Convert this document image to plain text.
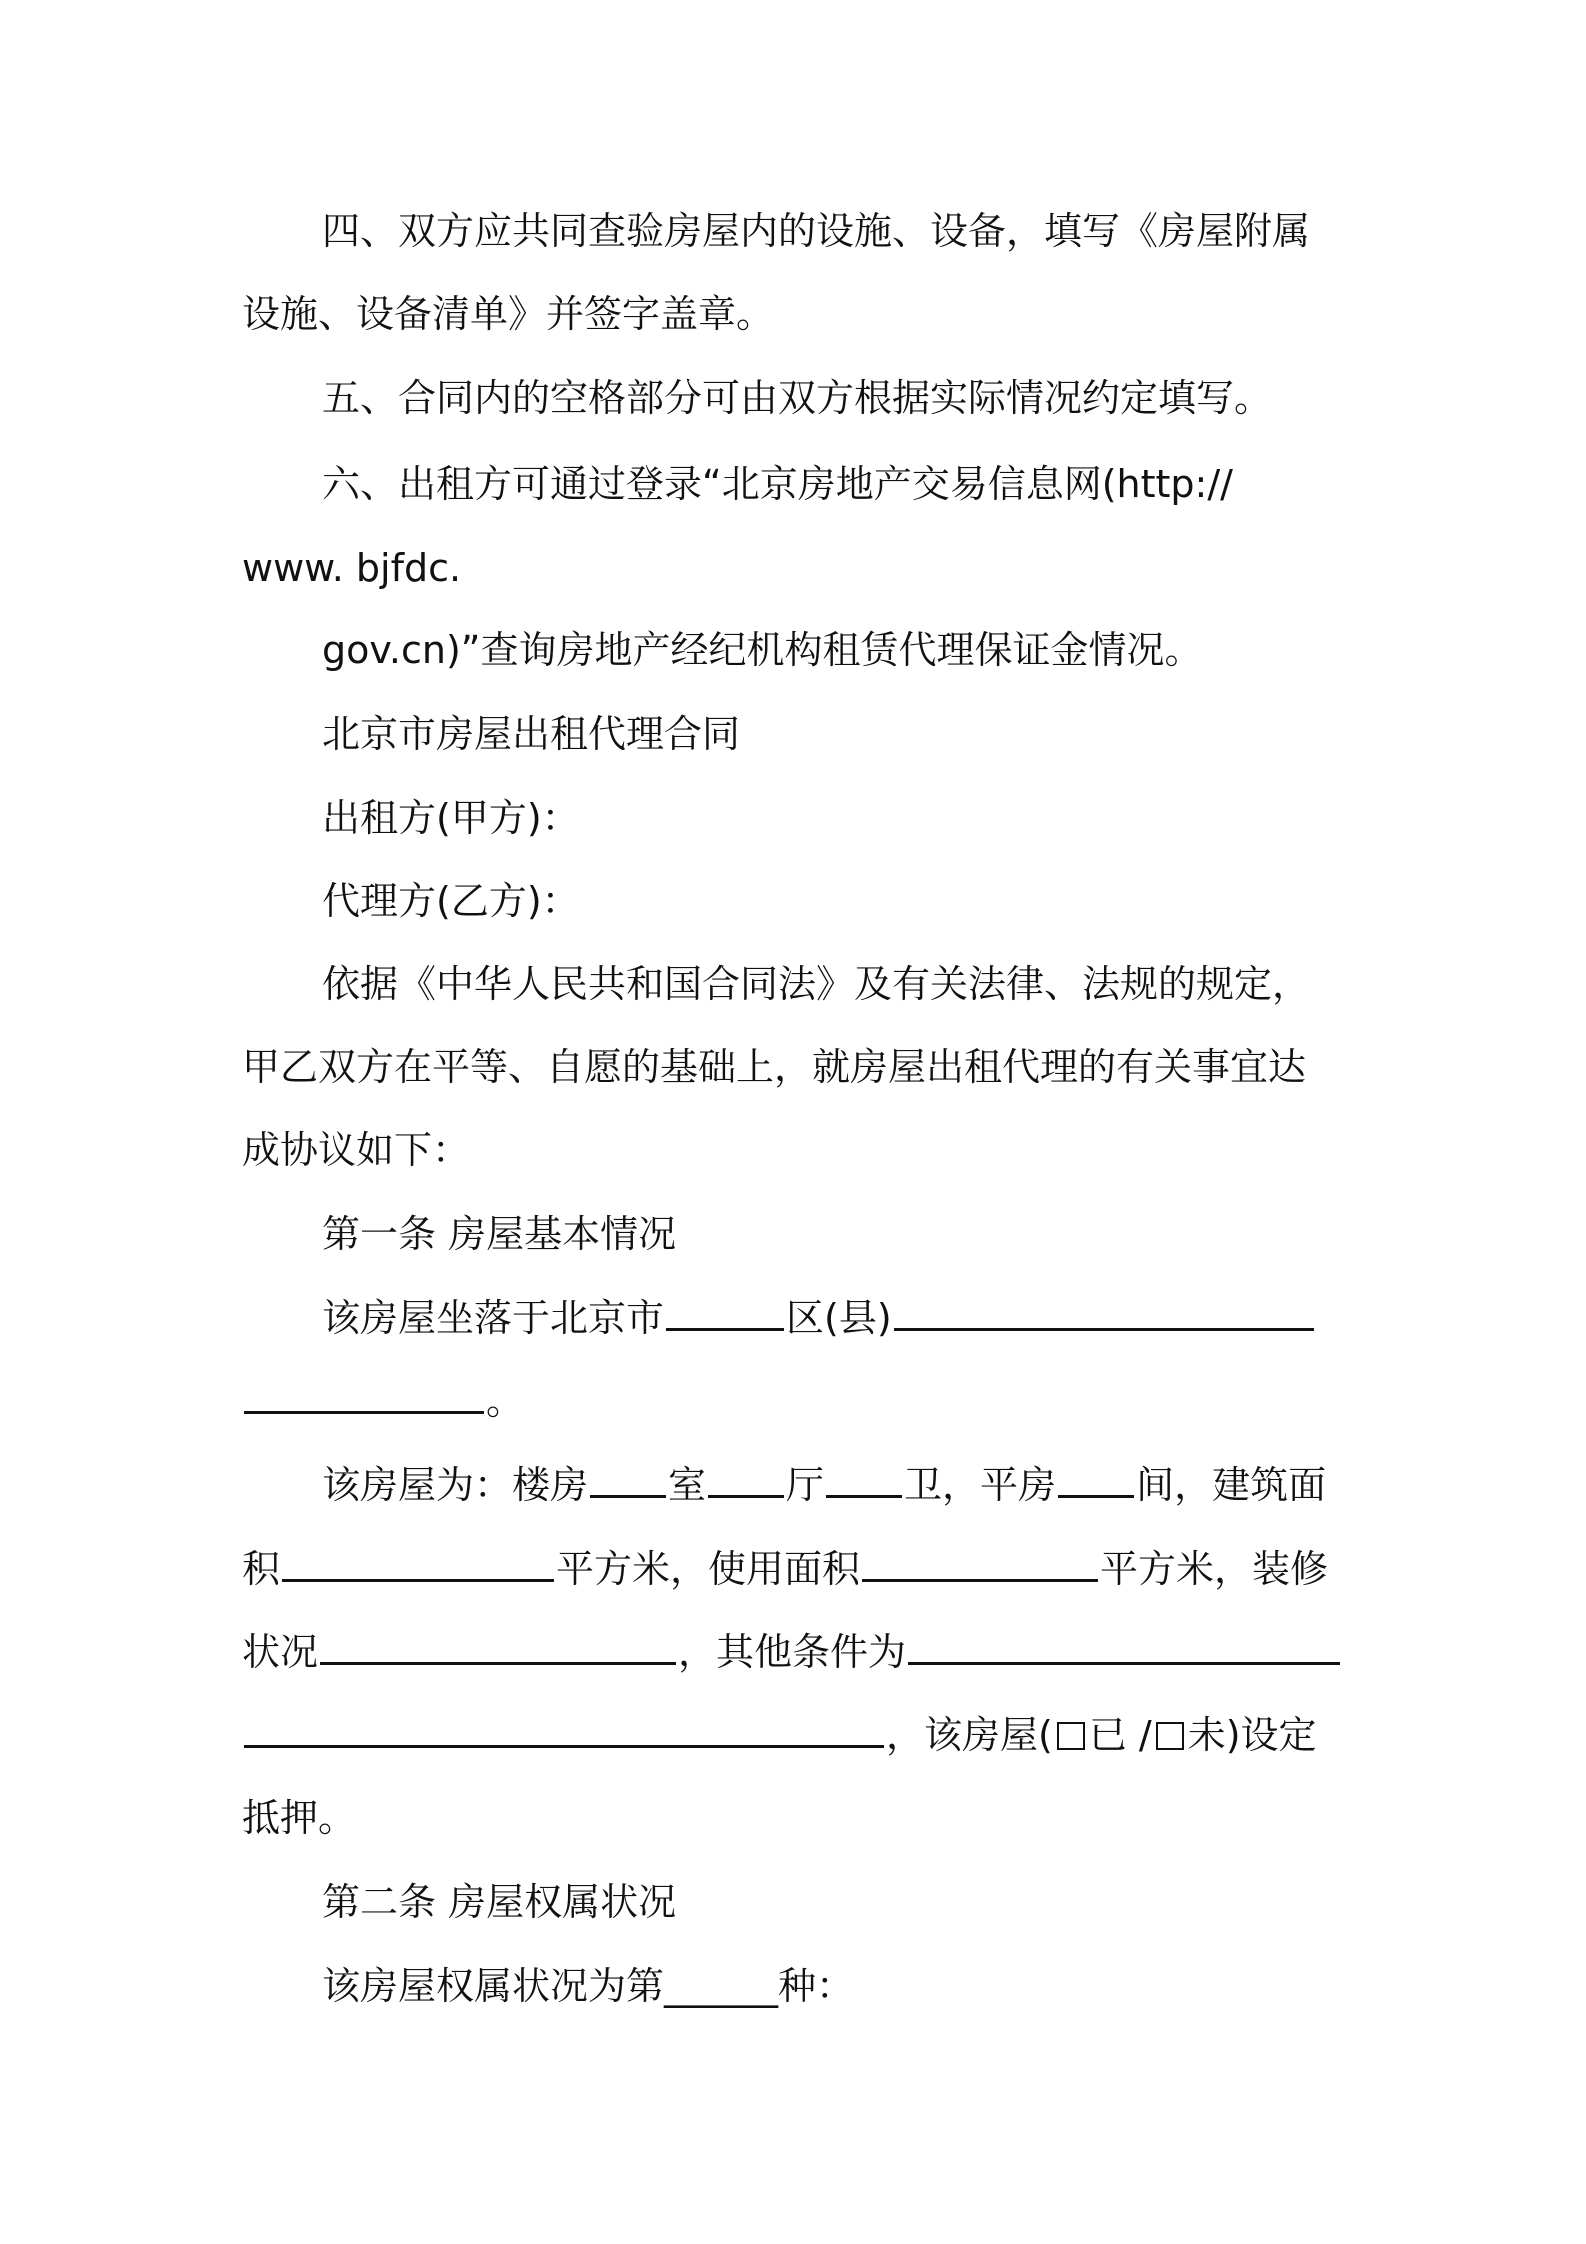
四、双方应共同查验房屋内的设施、设备，填写《房屋附属
设施、设备清单》并签字盖章。
五、合同内的空格部分可由双方根据实际情况约定填写。
六、出租方可通过登录“北京房地产交易信息网(http://
www. bjfdc.
gov.cn)”查询房地产经纪机构租赁代理保证金情况。
北京市房屋出租代理合同
出租方(甲方)：
代理方(乙方)：
依据《中华人民共和国合同法》及有关法律、法规的规定，
甲乙双方在平等、自愿的基础上，就房屋出租代理的有关事宜达
成协议如下：
第一条 房屋基本情况
该房屋坐落于北京市	区(县)
。
该房屋为：楼房 室 厅 卫，平房 间，建筑面
积	平方米，使用面积	平方米，装修
状况	，其他条件为
，该房屋( 已 / 未)设定
抵押。
第二条 房屋权属状况
该房屋权属状况为第______种：
